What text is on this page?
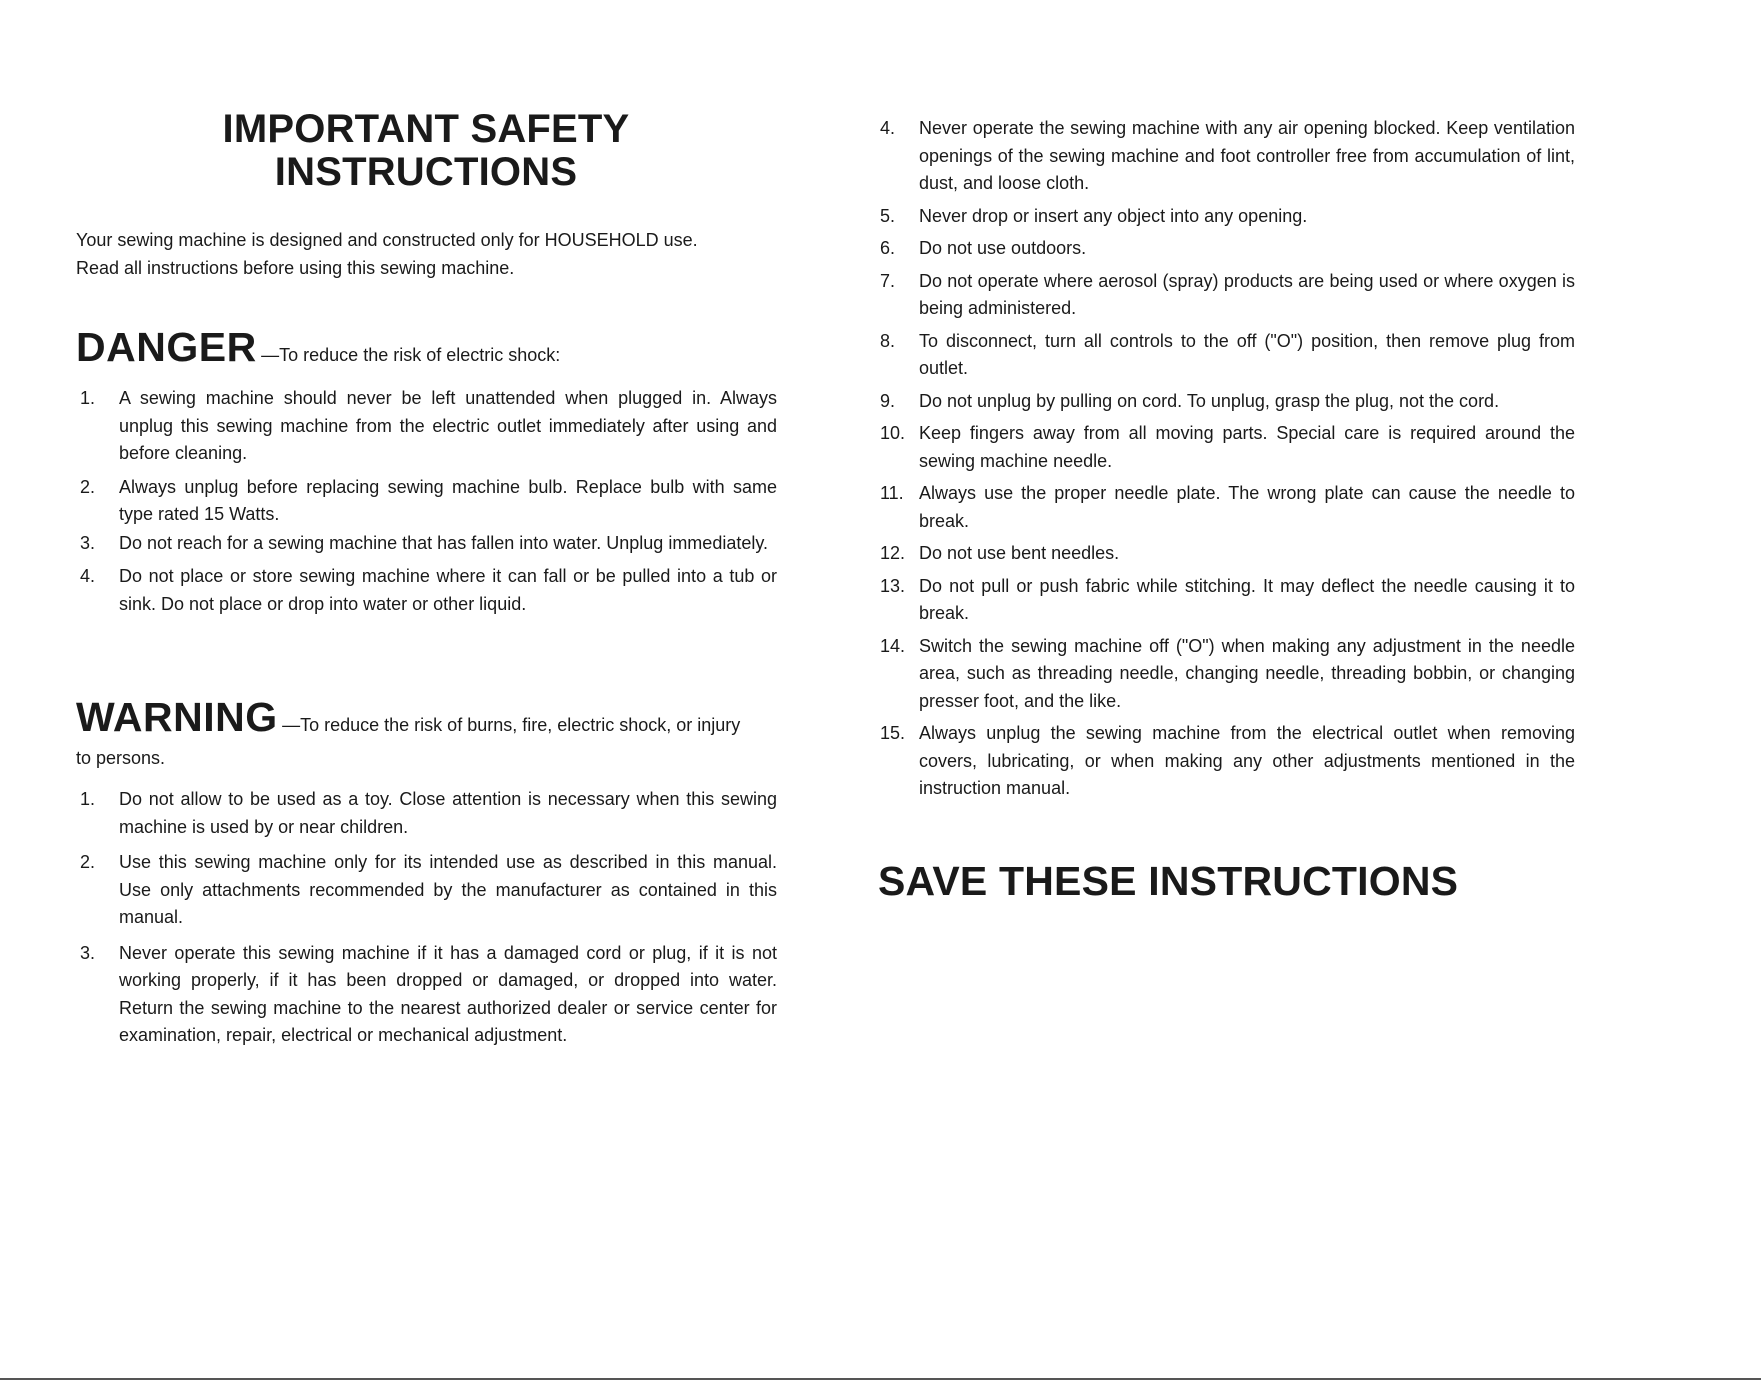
IMPORTANT SAFETY
INSTRUCTIONS

Your sewing machine is designed and constructed only for HOUSEHOLD use.
Read all instructions before using this sewing machine.

DANGER —To reduce the risk of electric shock:

1.	A sewing machine should never be left unattended when plugged in. Always unplug this sewing machine from the electric outlet immediately after using and before cleaning.
2.	Always unplug before replacing sewing machine bulb. Replace bulb with same type rated 15 Watts.
3.	Do not reach for a sewing machine that has fallen into water. Unplug immediately.
4.	Do not place or store sewing machine where it can fall or be pulled into a tub or sink. Do not place or drop into water or other liquid.

WARNING —To reduce the risk of burns, fire, electric shock, or injury

to persons.

1.	Do not allow to be used as a toy. Close attention is necessary when this sewing machine is used by or near children.
2.	Use this sewing machine only for its intended use as described in this manual. Use only attachments recommended by the manufacturer as contained in this manual.
3.	Never operate this sewing machine if it has a damaged cord or plug, if it is not working properly, if it has been dropped or damaged, or dropped into water. Return the sewing machine to the nearest authorized dealer or service center for examination, repair, electrical or mechanical adjustment.
4.	Never operate the sewing machine with any air opening blocked. Keep ventilation openings of the sewing machine and foot controller free from accumulation of lint, dust, and loose cloth.
5.	Never drop or insert any object into any opening.
6.	Do not use outdoors.
7.	Do not operate where aerosol (spray) products are being used or where oxygen is being administered.
8.	To disconnect, turn all controls to the off ("O") position, then remove plug from outlet.
9.	Do not unplug by pulling on cord. To unplug, grasp the plug, not the cord.
10. Keep fingers away from all moving parts. Special care is required around the sewing machine needle.
11. Always use the proper needle plate. The wrong plate can cause the needle to break.
12. Do not use bent needles.
13. Do not pull or push fabric while stitching. It may deflect the needle causing it to break.
14. Switch the sewing machine off ("O") when making any adjustment in the needle area, such as threading needle, changing needle, threading bobbin, or changing presser foot, and the like.
15. Always unplug the sewing machine from the electrical outlet when removing covers, lubricating, or when making any other adjustments mentioned in the instruction manual.
SAVE THESE INSTRUCTIONS
